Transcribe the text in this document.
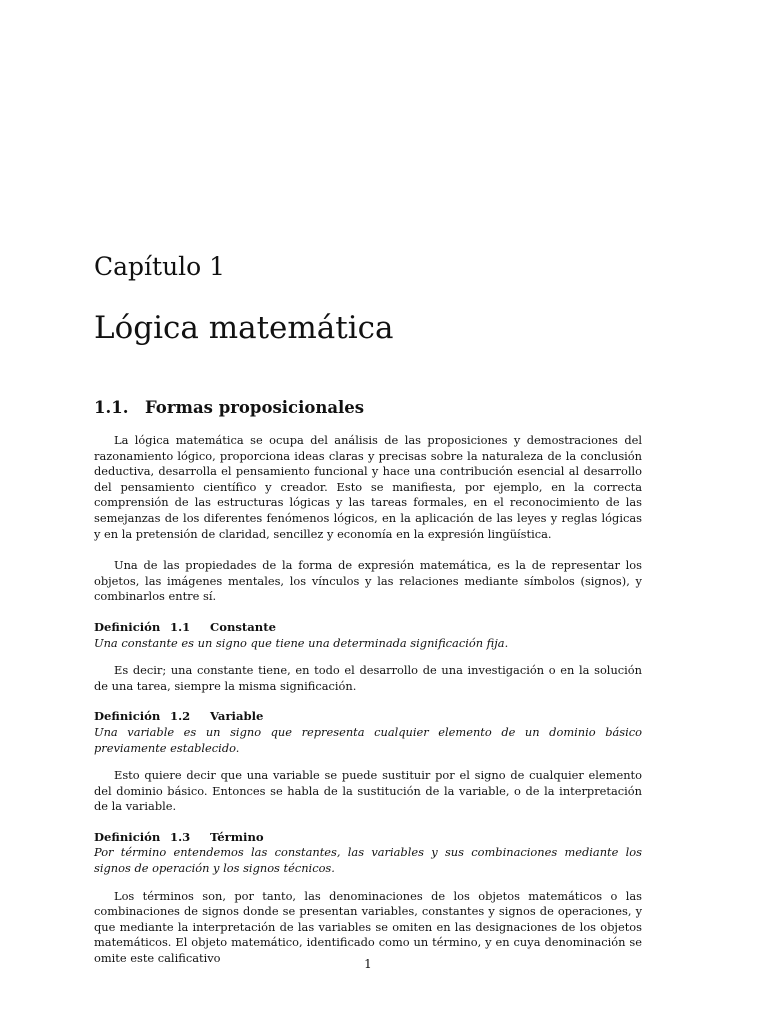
Capítulo 1
Lógica matemática
1.1. Formas proposicionales

La lógica matemática se ocupa del análisis de las proposiciones y demostraciones del razonamiento lógico, proporciona ideas claras y precisas sobre la naturaleza de la conclusión deductiva, desarrolla el pensamiento funcional y hace una contribución esencial al desarrollo del pensamiento científico y creador. Esto se manifiesta, por ejemplo, en la correcta comprensión de las estructuras lógicas y las tareas formales, en el reconocimiento de las semejanzas de los diferentes fenómenos lógicos, en la aplicación de las leyes y reglas lógicas y en la pretensión de claridad, sencillez y economía en la expresión lingüística.

Una de las propiedades de la forma de expresión matemática, es la de representar los objetos, las imágenes mentales, los vínculos y las relaciones mediante símbolos (signos), y combinarlos entre sí.

Definición 1.1 Constante
Una constante es un signo que tiene una determinada significación fija.

Es decir; una constante tiene, en todo el desarrollo de una investigación o en la solución de una tarea, siempre la misma significación.

Definición 1.2 Variable
Una variable es un signo que representa cualquier elemento de un dominio básico previamente establecido.

Esto quiere decir que una variable se puede sustituir por el signo de cualquier elemento del dominio básico. Entonces se habla de la sustitución de la variable, o de la interpretación de la variable.

Definición 1.3 Término
Por término entendemos las constantes, las variables y sus combinaciones mediante los signos de operación y los signos técnicos.

Los términos son, por tanto, las denominaciones de los objetos matemáticos o las combinaciones de signos donde se presentan variables, constantes y signos de operaciones, y que mediante la interpretación de las variables se omiten en las designaciones de los objetos matemáticos. El objeto matemático, identificado como un término, y en cuya denominación se omite este calificativo	1
